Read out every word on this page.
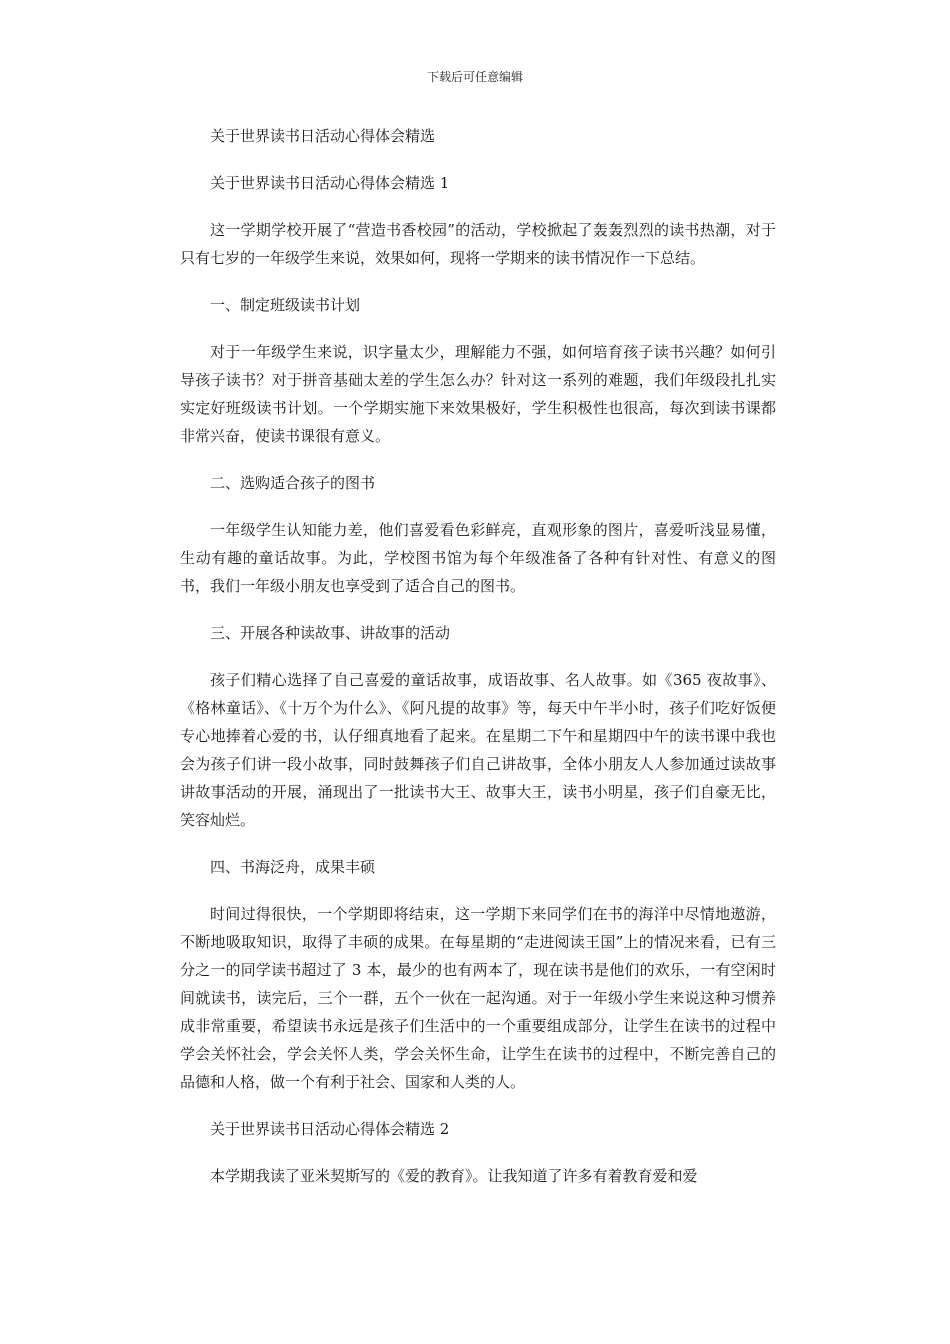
下载后可任意编辑

关于世界读书日活动心得体会精选

关于世界读书日活动心得体会精选 1

这一学期学校开展了“营造书香校园”的活动，学校掀起了轰轰烈烈的读书热潮，对于只有七岁的一年级学生来说，效果如何，现将一学期来的读书情况作一下总结。

一、制定班级读书计划

对于一年级学生来说，识字量太少，理解能力不强，如何培育孩子读书兴趣？如何引导孩子读书？对于拼音基础太差的学生怎么办？针对这一系列的难题，我们年级段扎扎实实定好班级读书计划。一个学期实施下来效果极好，学生积极性也很高，每次到读书课都非常兴奋，使读书课很有意义。

二、选购适合孩子的图书

一年级学生认知能力差，他们喜爱看色彩鲜亮，直观形象的图片，喜爱听浅显易懂，生动有趣的童话故事。为此，学校图书馆为每个年级准备了各种有针对性、有意义的图书，我们一年级小朋友也享受到了适合自己的图书。

三、开展各种读故事、讲故事的活动

孩子们精心选择了自己喜爱的童话故事，成语故事、名人故事。如《365 夜故事》、《格林童话》、《十万个为什么》、《阿凡提的故事》等，每天中午半小时，孩子们吃好饭便专心地捧着心爱的书，认仔细真地看了起来。在星期二下午和星期四中午的读书课中我也会为孩子们讲一段小故事，同时鼓舞孩子们自己讲故事，全体小朋友人人参加通过读故事讲故事活动的开展，涌现出了一批读书大王、故事大王，读书小明星，孩子们自豪无比，笑容灿烂。

四、书海泛舟，成果丰硕

时间过得很快，一个学期即将结束，这一学期下来同学们在书的海洋中尽情地遨游，不断地吸取知识，取得了丰硕的成果。在每星期的“走进阅读王国”上的情况来看，已有三分之一的同学读书超过了 3 本，最少的也有两本了，现在读书是他们的欢乐，一有空闲时间就读书，读完后，三个一群，五个一伙在一起沟通。对于一年级小学生来说这种习惯养成非常重要，希望读书永远是孩子们生活中的一个重要组成部分，让学生在读书的过程中学会关怀社会，学会关怀人类，学会关怀生命，让学生在读书的过程中，不断完善自己的品德和人格，做一个有利于社会、国家和人类的人。

关于世界读书日活动心得体会精选 2

本学期我读了亚米契斯写的《爱的教育》。让我知道了许多有着教育爱和爱
